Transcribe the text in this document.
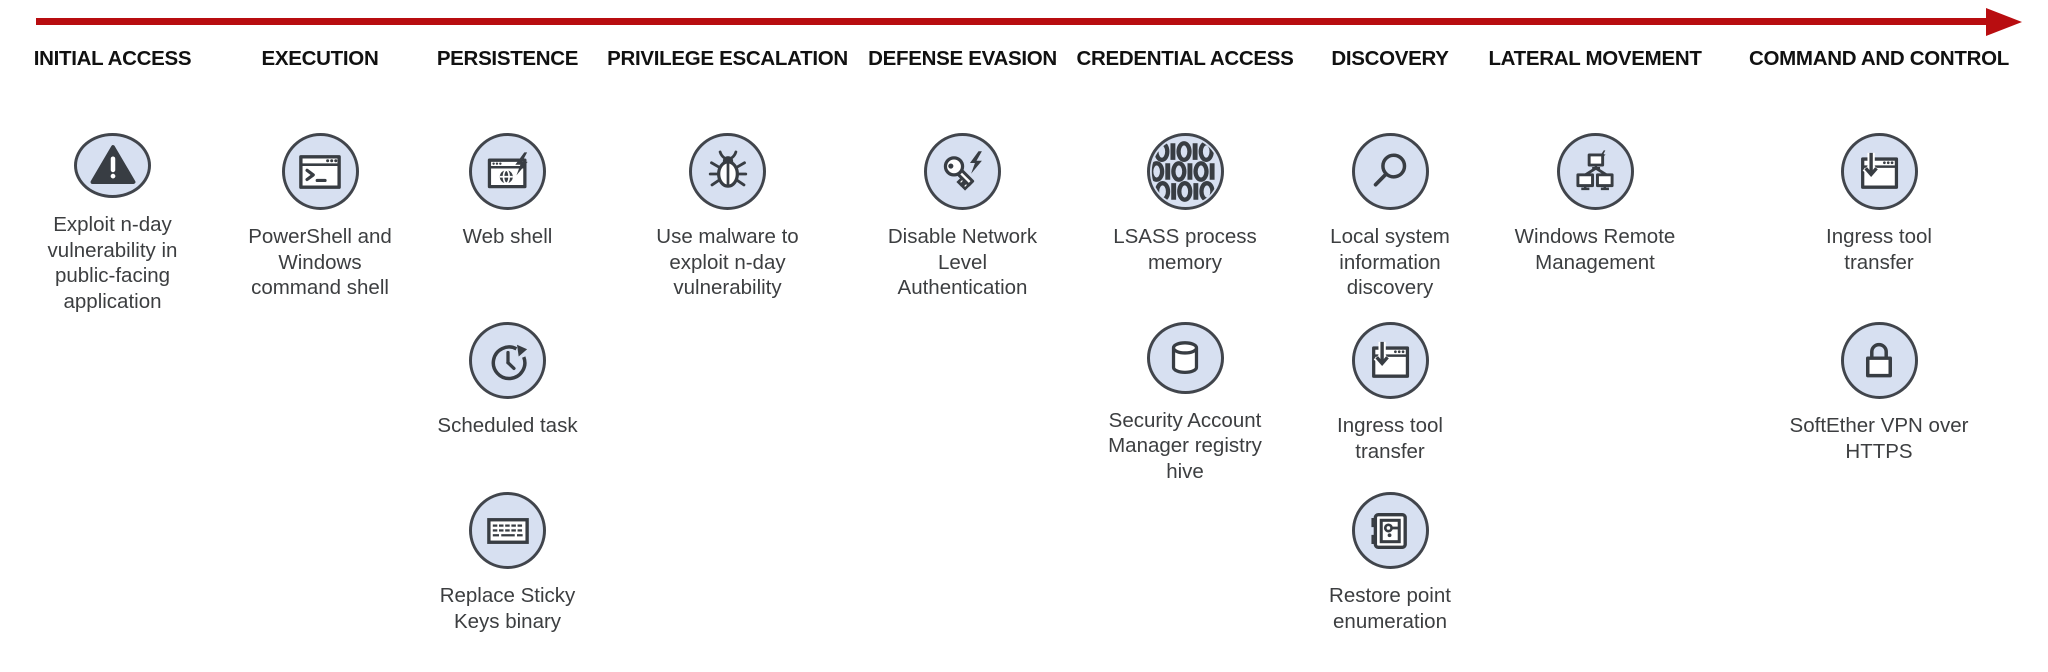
INITIAL ACCESS
Exploit n-day vulnerability in public-facing application
EXECUTION
PowerShell and Windows command shell
PERSISTENCE
Web shell
Scheduled task
Replace Sticky Keys binary
PRIVILEGE ESCALATION
Use malware to exploit n-day vulnerability
DEFENSE EVASION
Disable Network Level Authentication
CREDENTIAL ACCESS
LSASS process memory
Security Account Manager registry hive
DISCOVERY
Local system information discovery
Ingress tool transfer
Restore point enumeration
LATERAL MOVEMENT
Windows Remote Management
COMMAND AND CONTROL
Ingress tool transfer
SoftEther VPN over HTTPS
